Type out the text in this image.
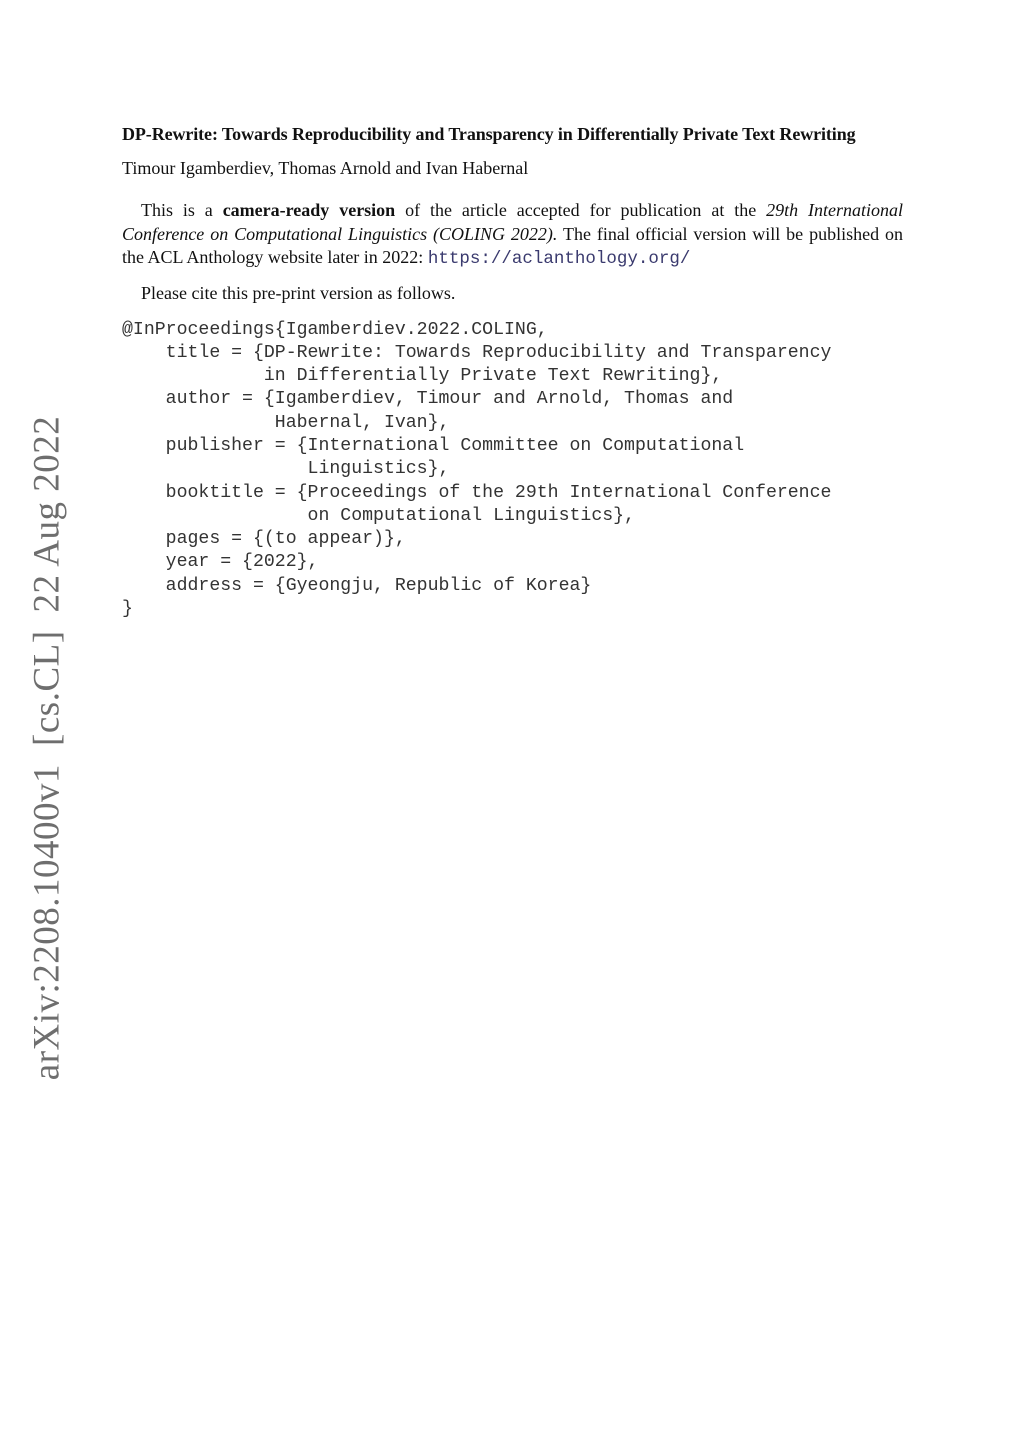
arXiv:2208.10400v1[cs.CL]22 Aug 2022
DP-Rewrite: Towards Reproducibility and Transparency in Differentially Private Text Rewriting
Timour Igamberdiev, Thomas Arnold and Ivan Habernal

This is a camera-ready version of the article accepted for publication at the 29th International Conference on Computational Linguistics (COLING 2022). The final official version will be published on the ACL Anthology website later in 2022: https://aclanthology.org/

Please cite this pre-print version as follows.

@InProceedings{Igamberdiev.2022.COLING,
title = {DP-Rewrite: Towards Reproducibility and Transparency
in Differentially Private Text Rewriting},
author = {Igamberdiev, Timour and Arnold, Thomas and
Habernal, Ivan},
publisher = {International Committee on Computational
Linguistics},
booktitle = {Proceedings of the 29th International Conference
on Computational Linguistics},
pages = {(to appear)},
year = {2022},
address = {Gyeongju, Republic of Korea}
}
